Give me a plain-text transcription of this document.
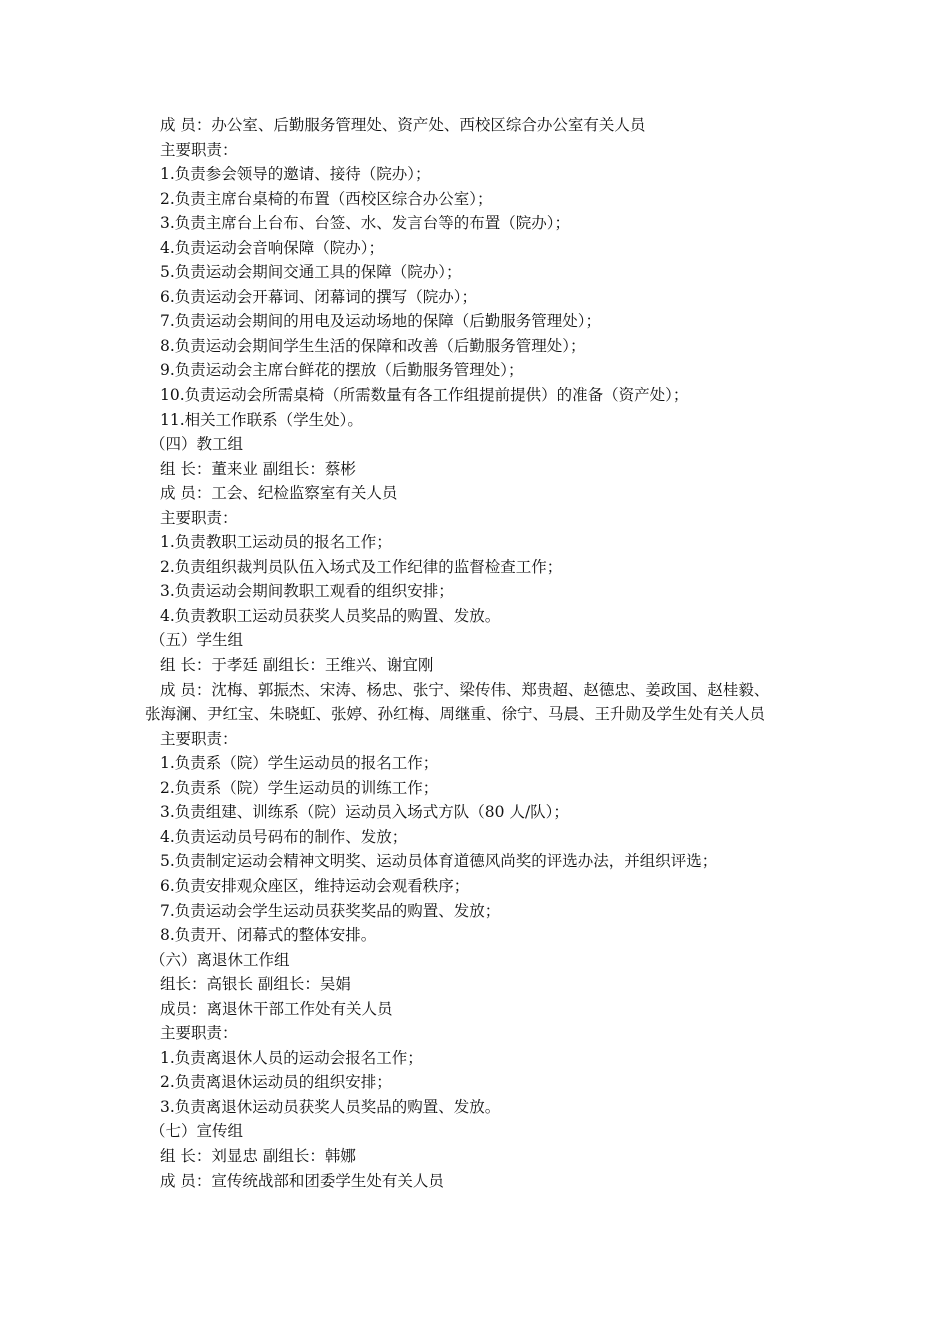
成 员：办公室、后勤服务管理处、资产处、西校区综合办公室有关人员
主要职责：
1.负责参会领导的邀请、接待（院办）；
2.负责主席台桌椅的布置（西校区综合办公室）；
3.负责主席台上台布、台签、水、发言台等的布置（院办）；
4.负责运动会音响保障（院办）；
5.负责运动会期间交通工具的保障（院办）；
6.负责运动会开幕词、闭幕词的撰写（院办）；
7.负责运动会期间的用电及运动场地的保障（后勤服务管理处）；
8.负责运动会期间学生生活的保障和改善（后勤服务管理处）；
9.负责运动会主席台鲜花的摆放（后勤服务管理处）；
10.负责运动会所需桌椅（所需数量有各工作组提前提供）的准备（资产处）；
11.相关工作联系（学生处）。
（四）教工组
组 长：董来业 副组长：蔡彬
成 员：工会、纪检监察室有关人员
主要职责：
1.负责教职工运动员的报名工作；
2.负责组织裁判员队伍入场式及工作纪律的监督检查工作；
3.负责运动会期间教职工观看的组织安排；
4.负责教职工运动员获奖人员奖品的购置、发放。
（五）学生组
组 长：于孝廷 副组长：王维兴、谢宜刚
成 员：沈梅、郭振杰、宋涛、杨忠、张宁、梁传伟、郑贵超、赵德忠、姜政国、赵桂毅、
张海澜、尹红宝、朱晓虹、张婷、孙红梅、周继重、徐宁、马晨、王升勋及学生处有关人员
主要职责：
1.负责系（院）学生运动员的报名工作；
2.负责系（院）学生运动员的训练工作；
3.负责组建、训练系（院）运动员入场式方队（80 人/队）；
4.负责运动员号码布的制作、发放；
5.负责制定运动会精神文明奖、运动员体育道德风尚奖的评选办法，并组织评选；
6.负责安排观众座区，维持运动会观看秩序；
7.负责运动会学生运动员获奖奖品的购置、发放；
8.负责开、闭幕式的整体安排。
（六）离退休工作组
组长：高银长 副组长：吴娟
成员：离退休干部工作处有关人员
主要职责：
1.负责离退休人员的运动会报名工作；
2.负责离退休运动员的组织安排；
3.负责离退休运动员获奖人员奖品的购置、发放。
（七）宣传组
组 长：刘显忠 副组长：韩娜
成 员：宣传统战部和团委学生处有关人员
